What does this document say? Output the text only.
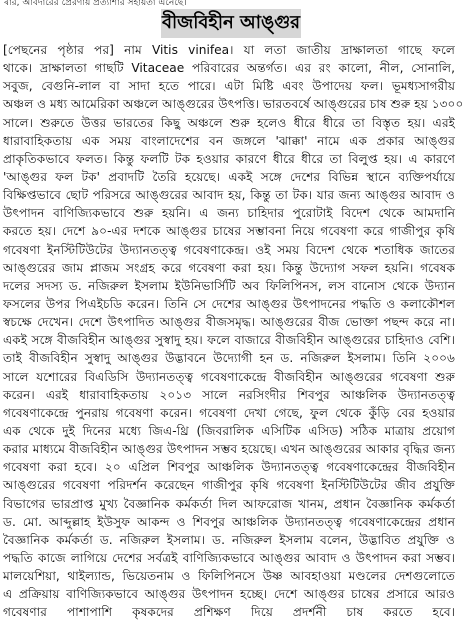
ৰার, আবদারের প্রেরণায় প্রত্যাশার সহায়তা এনেছে।
বীজবিহীন আঙ্গুর
[পেছনের পৃষ্ঠার পর] নাম Vitis vinifea। যা লতা জাতীয় দ্রাক্ষালতা গাছে ফলে
থাকে। দ্রাক্ষালতা গাছটি Vitaceae পরিবারের অন্তর্গত। এর রং কালো, নীল, সোনালি,
সবুজ, বেগুনি-লাল বা সাদা হতে পারে। এটা মিষ্টি এবং উপাদেয় ফল। ভূমধ্যসাগরীয়
অঞ্চল ও মধ্য আমেরিকা অঞ্চলে আঙ্গুরের উৎপত্তি। ভারতবর্ষে আঙ্গুরের চাষ শুরু হয় ১৩০০
সালে। শুরুতে উত্তর ভারতের কিছু অঞ্চলে শুরু হলেও ধীরে ধীরে তা বিস্তৃত হয়। এরই
ধারাবাহিকতায় এক সময় বাংলাদেশের বন জঙ্গলে 'ঝাক্কা' নামে এক প্রকার আঙ্গুর
প্রাকৃতিকভাবে ফলত। কিন্তু ফলটি টক হওয়ার কারণে ধীরে ধীরে তা বিলুপ্ত হয়। এ কারণে
'আঙ্গুর ফল টক' প্রবাদটি তৈরি হয়েছে। একই সঙ্গে দেশের বিভিন্ন স্থানে ব্যক্তিপর্যায়ে
বিক্ষিপ্তভাবে ছোট পরিসরে আঙ্গুরের আবাদ হয়, কিন্তু তা টক। যার জন্য আঙ্গুর আবাদ ও
উৎপাদন বাণিজ্যিকভাবে শুরু হয়নি। এ জন্য চাহিদার পুরোটাই বিদেশ থেকে আমদানি
করতে হয়। দেশে ৯০-এর দশকে আঙ্গুর চাষের সম্ভাবনা নিয়ে গবেষণা করে গাজীপুর কৃষি
গবেষণা ইনস্টিটিউটের উদ্যানতত্ত্ব গবেষণাকেন্দ্র। ওই সময় বিদেশ থেকে শতাধিক জাতের
আঙ্গুরের জাম প্লাজম সংগ্রহ করে গবেষণা করা হয়। কিন্তু উদ্যোগ সফল হয়নি। গবেষক
দলের সদস্য ড. নজিরুল ইসলাম ইউনিভার্সিটি অব ফিলিপিনস, লস বানোস থেকে উদ্যান
ফসলের উপর পিএইচডি করেন। তিনি সে দেশের আঙ্গুর উৎপাদনের পদ্ধতি ও কলাকৌশল
স্বচক্ষে দেখেন। দেশে উৎপাদিত আঙ্গুর বীজসমৃদ্ধ। আঙ্গুরের বীজ ভোক্তা পছন্দ করে না।
একই সঙ্গে বীজবিহীন আঙ্গুর সুস্বাদু হয়। ফলে বাজারে বীজবিহীন আঙ্গুরের চাহিদাও বেশি।
তাই বীজবিহীন সুস্বাদু আঙ্গুর উদ্ভাবনে উদ্যোগী হন ড. নজিরুল ইসলাম। তিনি ২০০৬
সালে যশোরের বিএডিসি উদ্যানতত্ত্ব গবেষণাকেন্দ্রে বীজবিহীন আঙ্গুরের গবেষণা শুরু
করেন। এরই ধারাবাহিকতায় ২০১৩ সালে নরসিংদীর শিবপুর আঞ্চলিক উদ্যানতত্ত্ব
গবেষণাকেন্দ্রে পুনরায় গবেষণা করেন। গবেষণা দেখা গেছে, ফুল থেকে কুঁড়ি বের হওয়ার
এক থেকে দুই দিনের মধ্যে জিএ-থ্রি (জিবরালিক এসিটিক এসিড) সঠিক মাত্রায় প্রয়োগ
করার মাধ্যমে বীজবিহীন আঙ্গুর উৎপাদন সম্ভব হয়েছে। এখন আঙ্গুরের আকার বৃদ্ধির জন্য
গবেষণা করা হবে। ২০ এপ্রিল শিবপুর আঞ্চলিক উদ্যানতত্ত্ব গবেষণাকেন্দ্রের বীজবিহীন
আঙ্গুরের গবেষণা পরিদর্শন করেছেন গাজীপুর কৃষি গবেষণা ইনস্টিটিউটের জীব প্রযুক্তি
বিভাগের ভারপ্রাপ্ত মুখ্য বৈজ্ঞানিক কর্মকর্তা দিল আফরোজ খানম, প্রধান বৈজ্ঞানিক কর্মকর্তা
ড. মো. আব্দুল্লাহ ইউসুফ আকন্দ ও শিবপুর আঞ্চলিক উদ্যানতত্ত্ব গবেষণাকেন্দ্রের প্রধান
বৈজ্ঞানিক কর্মকর্তা ড. নজিরুল ইসলাম। ড. নজিরুল ইসলাম বলেন, উদ্ভাবিত প্রযুক্তি ও
পদ্ধতি কাজে লাগিয়ে দেশের সর্বত্রই বাণিজ্যিকভাবে আঙ্গুর আবাদ ও উৎপাদন করা সম্ভব।
মালয়েশিয়া, থাইল্যান্ড, ভিয়েতনাম ও ফিলিপিনসে উষ্ণ আবহাওয়া মণ্ডলের দেশগুলোতে
এ প্রক্রিয়ায় বাণিজ্যিকভাবে আঙ্গুর উৎপাদন হচ্ছে। দেশে আঙ্গুর চাষের প্রসারে আরও
গবেষণার পাশাপাশি কৃষকদের প্রশিক্ষণ দিয়ে প্রদর্শনী চাষ করতে হবে।
